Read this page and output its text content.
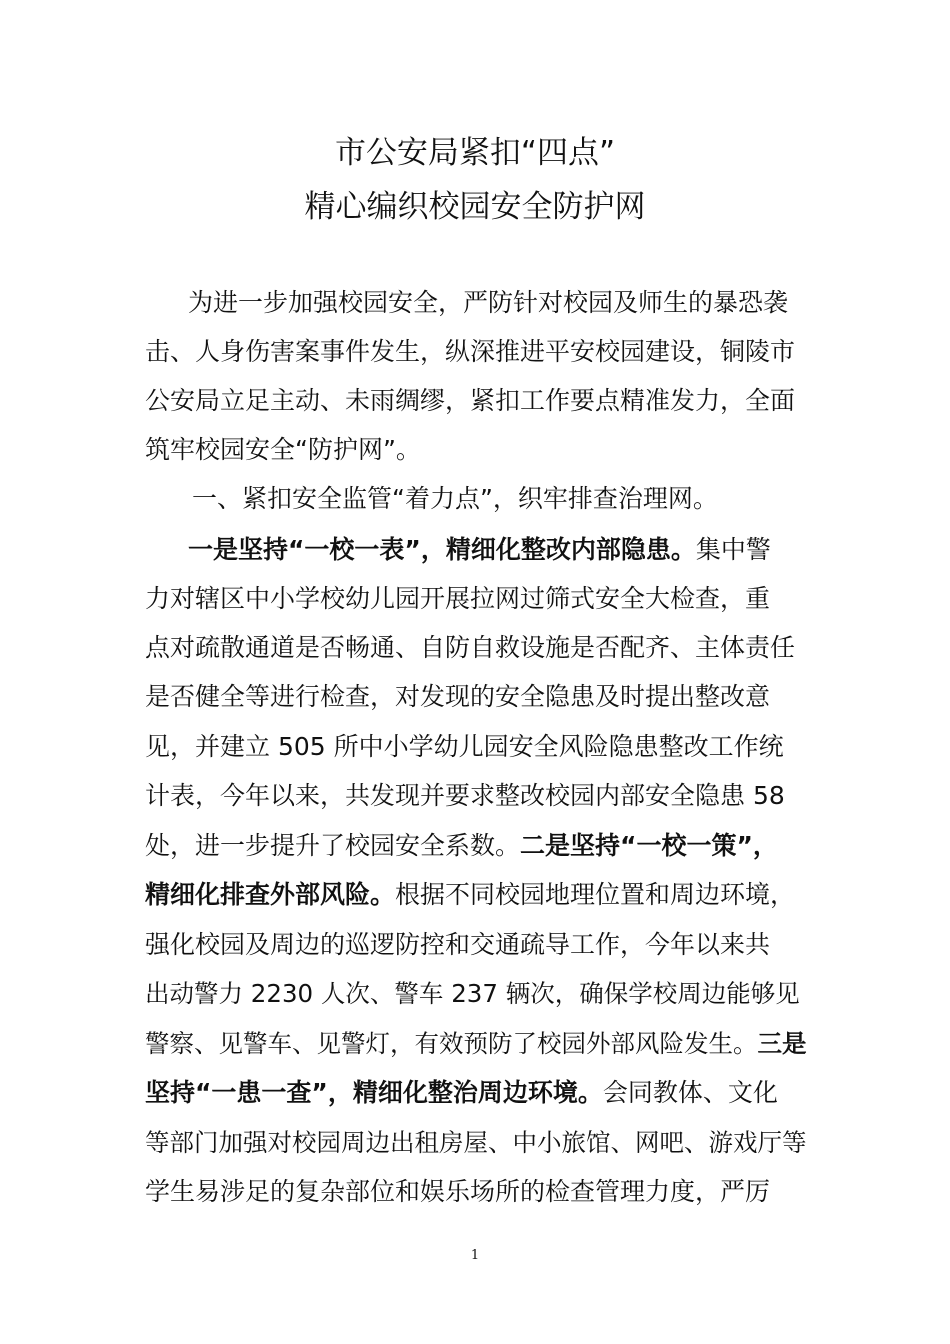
市公安局紧扣“四点”
精心编织校园安全防护网
为进一步加强校园安全，严防针对校园及师生的暴恐袭
击、人身伤害案事件发生，纵深推进平安校园建设，铜陵市
公安局立足主动、未雨绸缪，紧扣工作要点精准发力，全面
筑牢校园安全“防护网”。
一、紧扣安全监管“着力点”，织牢排查治理网。
一是坚持“一校一表”，精细化整改内部隐患。集中警
力对辖区中小学校幼儿园开展拉网过筛式安全大检查，重
点对疏散通道是否畅通、自防自救设施是否配齐、主体责任
是否健全等进行检查，对发现的安全隐患及时提出整改意
见，并建立 505 所中小学幼儿园安全风险隐患整改工作统
计表，今年以来，共发现并要求整改校园内部安全隐患 58
处，进一步提升了校园安全系数。二是坚持“一校一策”，
精细化排查外部风险。根据不同校园地理位置和周边环境，
强化校园及周边的巡逻防控和交通疏导工作，今年以来共
出动警力 2230 人次、警车 237 辆次，确保学校周边能够见
警察、见警车、见警灯，有效预防了校园外部风险发生。三是
坚持“一患一查”，精细化整治周边环境。会同教体、文化
等部门加强对校园周边出租房屋、中小旅馆、网吧、游戏厅等
学生易涉足的复杂部位和娱乐场所的检查管理力度，严厉
1
